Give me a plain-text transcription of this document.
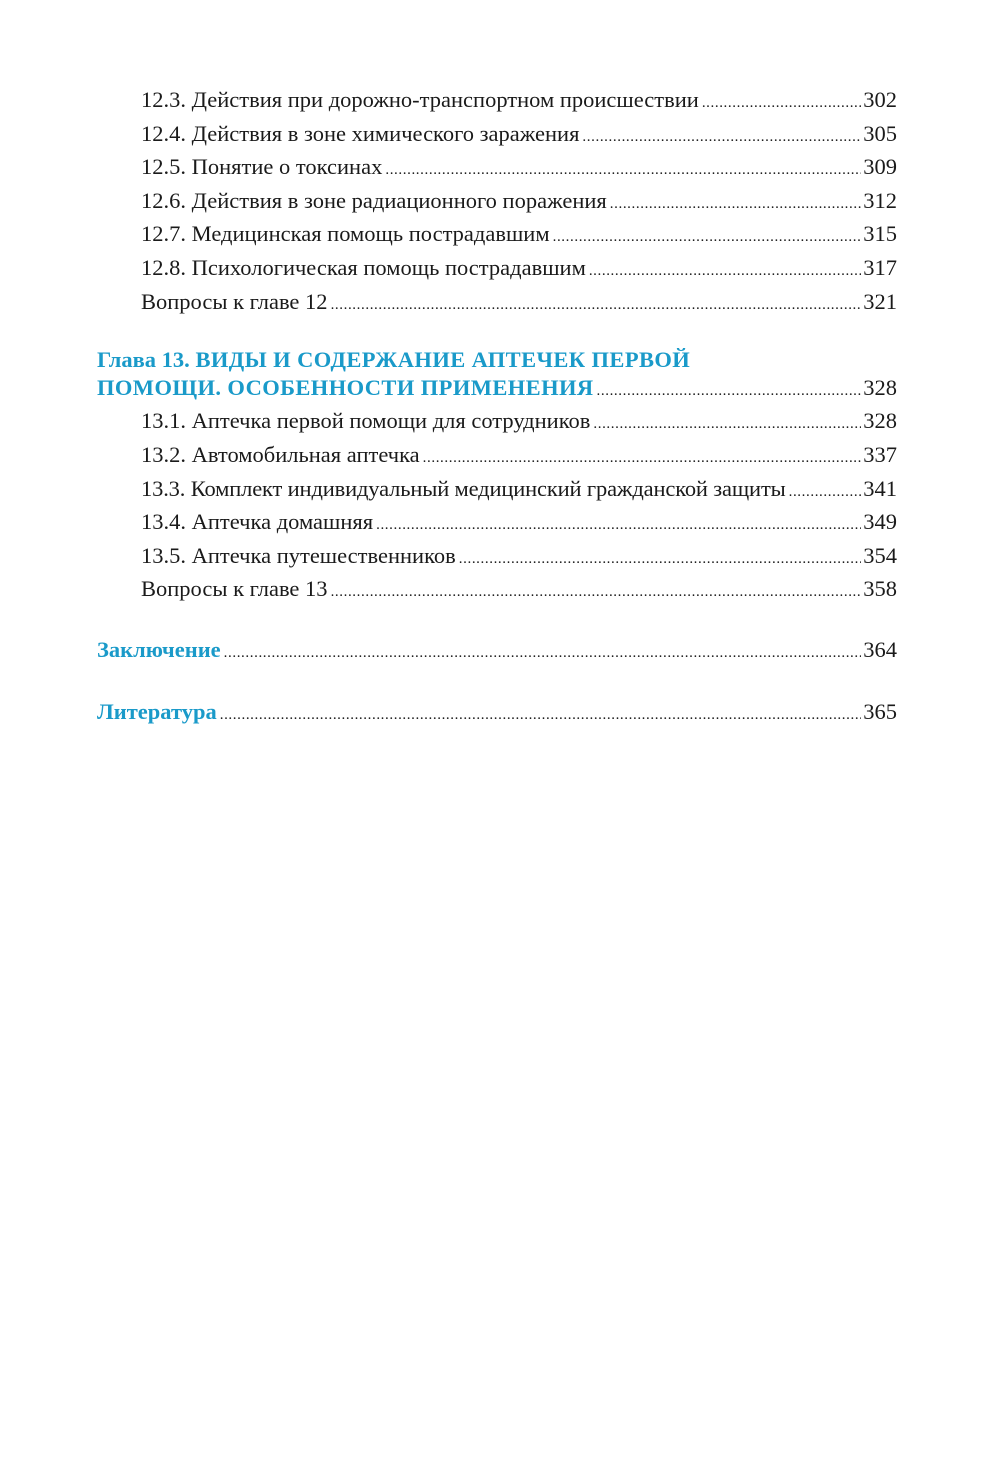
12.3. Действия при дорожно-транспортном происшествии .....	302
12.4. Действия в зоне химического заражения .....	305
12.5. Понятие о токсинах .....	309
12.6. Действия в зоне радиационного поражения .....	312
12.7. Медицинская помощь пострадавшим .....	315
12.8. Психологическая помощь пострадавшим .....	317
Вопросы к главе 12 .....	321
Глава 13. ВИДЫ И СОДЕРЖАНИЕ АПТЕЧЕК ПЕРВОЙ
ПОМОЩИ. ОСОБЕННОСТИ ПРИМЕНЕНИЯ .....	328
13.1. Аптечка первой помощи для сотрудников .....	328
13.2. Автомобильная аптечка .....	337
13.3. Комплект индивидуальный медицинский гражданской защиты .....	341
13.4. Аптечка домашняя .....	349
13.5. Аптечка путешественников .....	354
Вопросы к главе 13 .....	358
Заключение .....	364
Литература .....	365
